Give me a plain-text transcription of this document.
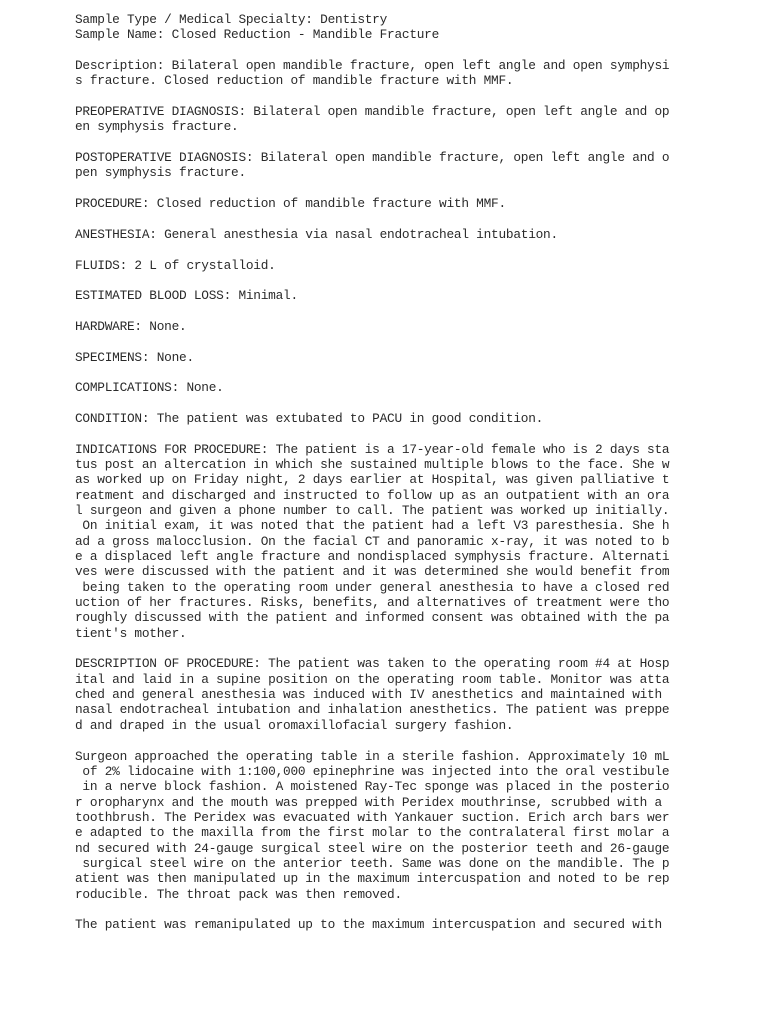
Sample Type / Medical Specialty: Dentistry
Sample Name: Closed Reduction - Mandible Fracture
Description: Bilateral open mandible fracture, open left angle and open symphysi
s fracture. Closed reduction of mandible fracture with MMF.
PREOPERATIVE DIAGNOSIS: Bilateral open mandible fracture, open left angle and op
en symphysis fracture.
POSTOPERATIVE DIAGNOSIS: Bilateral open mandible fracture, open left angle and o
pen symphysis fracture.
PROCEDURE: Closed reduction of mandible fracture with MMF.
ANESTHESIA: General anesthesia via nasal endotracheal intubation.
FLUIDS: 2 L of crystalloid.
ESTIMATED BLOOD LOSS: Minimal.
HARDWARE: None.
SPECIMENS: None.
COMPLICATIONS: None.
CONDITION: The patient was extubated to PACU in good condition.
INDICATIONS FOR PROCEDURE: The patient is a 17-year-old female who is 2 days sta
tus post an altercation in which she sustained multiple blows to the face. She w
as worked up on Friday night, 2 days earlier at Hospital, was given palliative t
reatment and discharged and instructed to follow up as an outpatient with an ora
l surgeon and given a phone number to call. The patient was worked up initially.
On initial exam, it was noted that the patient had a left V3 paresthesia. She h
ad a gross malocclusion. On the facial CT and panoramic x-ray, it was noted to b
e a displaced left angle fracture and nondisplaced symphysis fracture. Alternati
ves were discussed with the patient and it was determined she would benefit from
being taken to the operating room under general anesthesia to have a closed red
uction of her fractures. Risks, benefits, and alternatives of treatment were tho
roughly discussed with the patient and informed consent was obtained with the pa
tient's mother.
DESCRIPTION OF PROCEDURE: The patient was taken to the operating room #4 at Hosp
ital and laid in a supine position on the operating room table. Monitor was atta
ched and general anesthesia was induced with IV anesthetics and maintained with
nasal endotracheal intubation and inhalation anesthetics. The patient was preppe
d and draped in the usual oromaxillofacial surgery fashion.
Surgeon approached the operating table in a sterile fashion. Approximately 10 mL
of 2% lidocaine with 1:100,000 epinephrine was injected into the oral vestibule
in a nerve block fashion. A moistened Ray-Tec sponge was placed in the posterio
r oropharynx and the mouth was prepped with Peridex mouthrinse, scrubbed with a
toothbrush. The Peridex was evacuated with Yankauer suction. Erich arch bars wer
e adapted to the maxilla from the first molar to the contralateral first molar a
nd secured with 24-gauge surgical steel wire on the posterior teeth and 26-gauge
surgical steel wire on the anterior teeth. Same was done on the mandible. The p
atient was then manipulated up in the maximum intercuspation and noted to be rep
roducible. The throat pack was then removed.
The patient was remanipulated up to the maximum intercuspation and secured with
